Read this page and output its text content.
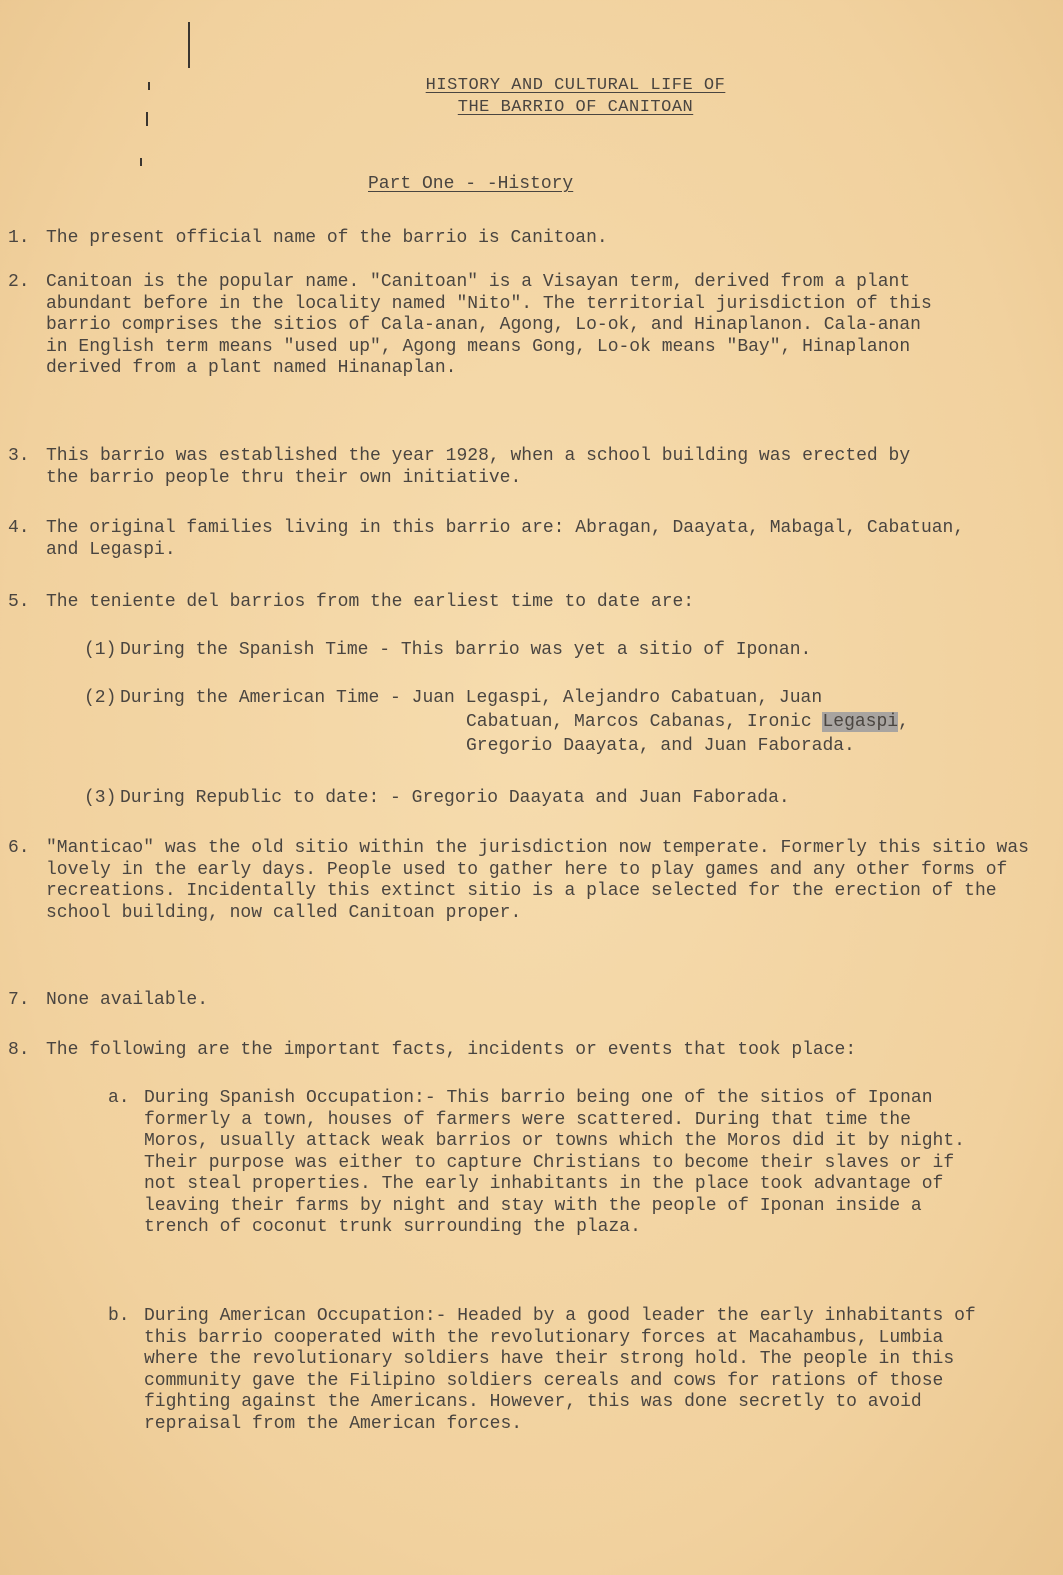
HISTORY AND CULTURAL LIFE OF
THE BARRIO OF CANITOAN
Part One - -History
1. The present official name of the barrio is Canitoan.
2. Canitoan is the popular name. "Canitoan" is a Visayan term, derived from a plant abundant before in the locality named "Nito". The territorial jurisdiction of this barrio comprises the sitios of Cala-anan, Agong, Lo-ok, and Hinaplanon. Cala-anan in English term means "used up", Agong means Gong, Lo-ok means "Bay", Hinaplanon derived from a plant named Hinanaplan.
3. This barrio was established the year 1928, when a school building was erected by the barrio people thru their own initiative.
4. The original families living in this barrio are: Abragan, Daayata, Mabagal, Cabatuan, and Legaspi.
5. The teniente del barrios from the earliest time to date are:
(1) During the Spanish Time - This barrio was yet a sitio of Iponan.
(2) During the American Time - Juan Legaspi, Alejandro Cabatuan, Juan
Cabatuan, Marcos Cabanas, Ironic Legaspi,
Gregorio Daayata, and Juan Faborada.
(3) During Republic to date: - Gregorio Daayata and Juan Faborada.
6. "Manticao" was the old sitio within the jurisdiction now temperate. Formerly this sitio was lovely in the early days. People used to gather here to play games and any other forms of recreations. Incidentally this extinct sitio is a place selected for the erection of the school building, now called Canitoan proper.
7. None available.
8. The following are the important facts, incidents or events that took place:
a. During Spanish Occupation:- This barrio being one of the sitios of Iponan formerly a town, houses of farmers were scattered. During that time the Moros, usually attack weak barrios or towns which the Moros did it by night. Their purpose was either to capture Christians to become their slaves or if not steal properties. The early inhabitants in the place took advantage of leaving their farms by night and stay with the people of Iponan inside a trench of coconut trunk surrounding the plaza.
b. During American Occupation:- Headed by a good leader the early inhabitants of this barrio cooperated with the revolutionary forces at Macahambus, Lumbia where the revolutionary soldiers have their strong hold. The people in this community gave the Filipino soldiers cereals and cows for rations of those fighting against the Americans. However, this was done secretly to avoid repraisal from the American forces.
